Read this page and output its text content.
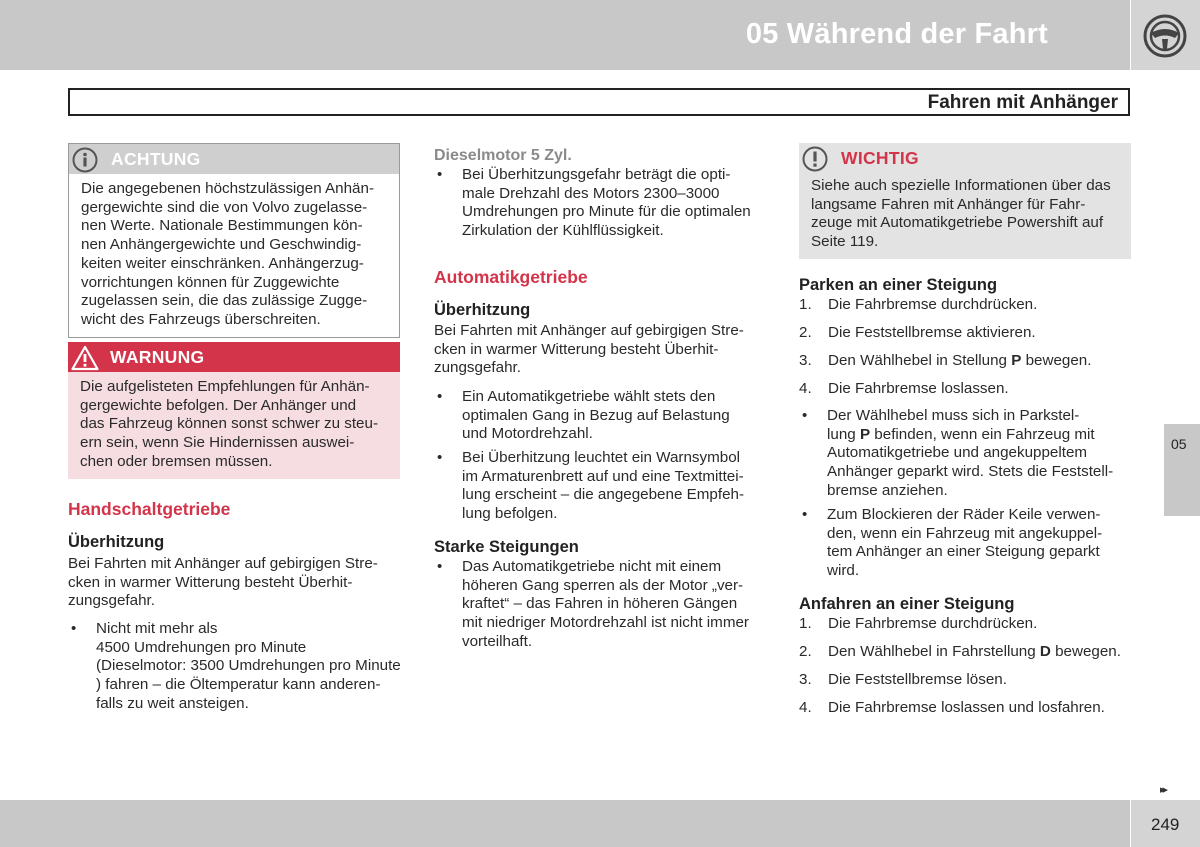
05 Während der Fahrt
Fahren mit Anhänger
ACHTUNG
Die angegebenen höchstzulässigen Anhän-
gergewichte sind die von Volvo zugelasse-
nen Werte. Nationale Bestimmungen kön-
nen Anhängergewichte und Geschwindig-
keiten weiter einschränken. Anhängerzug-
vorrichtungen können für Zuggewichte
zugelassen sein, die das zulässige Zugge-
wicht des Fahrzeugs überschreiten.
WARNUNG
Die aufgelisteten Empfehlungen für Anhän-
gergewichte befolgen. Der Anhänger und
das Fahrzeug können sonst schwer zu steu-
ern sein, wenn Sie Hindernissen auswei-
chen oder bremsen müssen.
Handschaltgetriebe
Überhitzung
Bei Fahrten mit Anhänger auf gebirgigen Stre-
cken in warmer Witterung besteht Überhit-
zungsgefahr.
• Nicht mit mehr als
4500 Umdrehungen pro Minute
(Dieselmotor: 3500 Umdrehungen pro Minute
) fahren – die Öltemperatur kann anderen-
falls zu weit ansteigen.
Dieselmotor 5 Zyl.
• Bei Überhitzungsgefahr beträgt die opti-
male Drehzahl des Motors 2300–3000
Umdrehungen pro Minute für die optimalen
Zirkulation der Kühlflüssigkeit.
Automatikgetriebe
Überhitzung
Bei Fahrten mit Anhänger auf gebirgigen Stre-
cken in warmer Witterung besteht Überhit-
zungsgefahr.
• Ein Automatikgetriebe wählt stets den
optimalen Gang in Bezug auf Belastung
und Motordrehzahl.
• Bei Überhitzung leuchtet ein Warnsymbol
im Armaturenbrett auf und eine Textmittei-
lung erscheint – die angegebene Empfeh-
lung befolgen.
Starke Steigungen
• Das Automatikgetriebe nicht mit einem
höheren Gang sperren als der Motor „ver-
kraftet“ – das Fahren in höheren Gängen
mit niedriger Motordrehzahl ist nicht immer
vorteilhaft.
WICHTIG
Siehe auch spezielle Informationen über das
langsame Fahren mit Anhänger für Fahr-
zeuge mit Automatikgetriebe Powershift auf
Seite 119.
Parken an einer Steigung
1. Die Fahrbremse durchdrücken.
2. Die Feststellbremse aktivieren.
3. Den Wählhebel in Stellung P bewegen.
4. Die Fahrbremse loslassen.
• Der Wählhebel muss sich in Parkstel-
lung P befinden, wenn ein Fahrzeug mit
Automatikgetriebe und angekuppeltem
Anhänger geparkt wird. Stets die Feststell-
bremse anziehen.
• Zum Blockieren der Räder Keile verwen-
den, wenn ein Fahrzeug mit angekuppel-
tem Anhänger an einer Steigung geparkt
wird.
Anfahren an einer Steigung
1. Die Fahrbremse durchdrücken.
2. Den Wählhebel in Fahrstellung D bewegen.
3. Die Feststellbremse lösen.
4. Die Fahrbremse loslassen und losfahren.
05
▸▸
249
